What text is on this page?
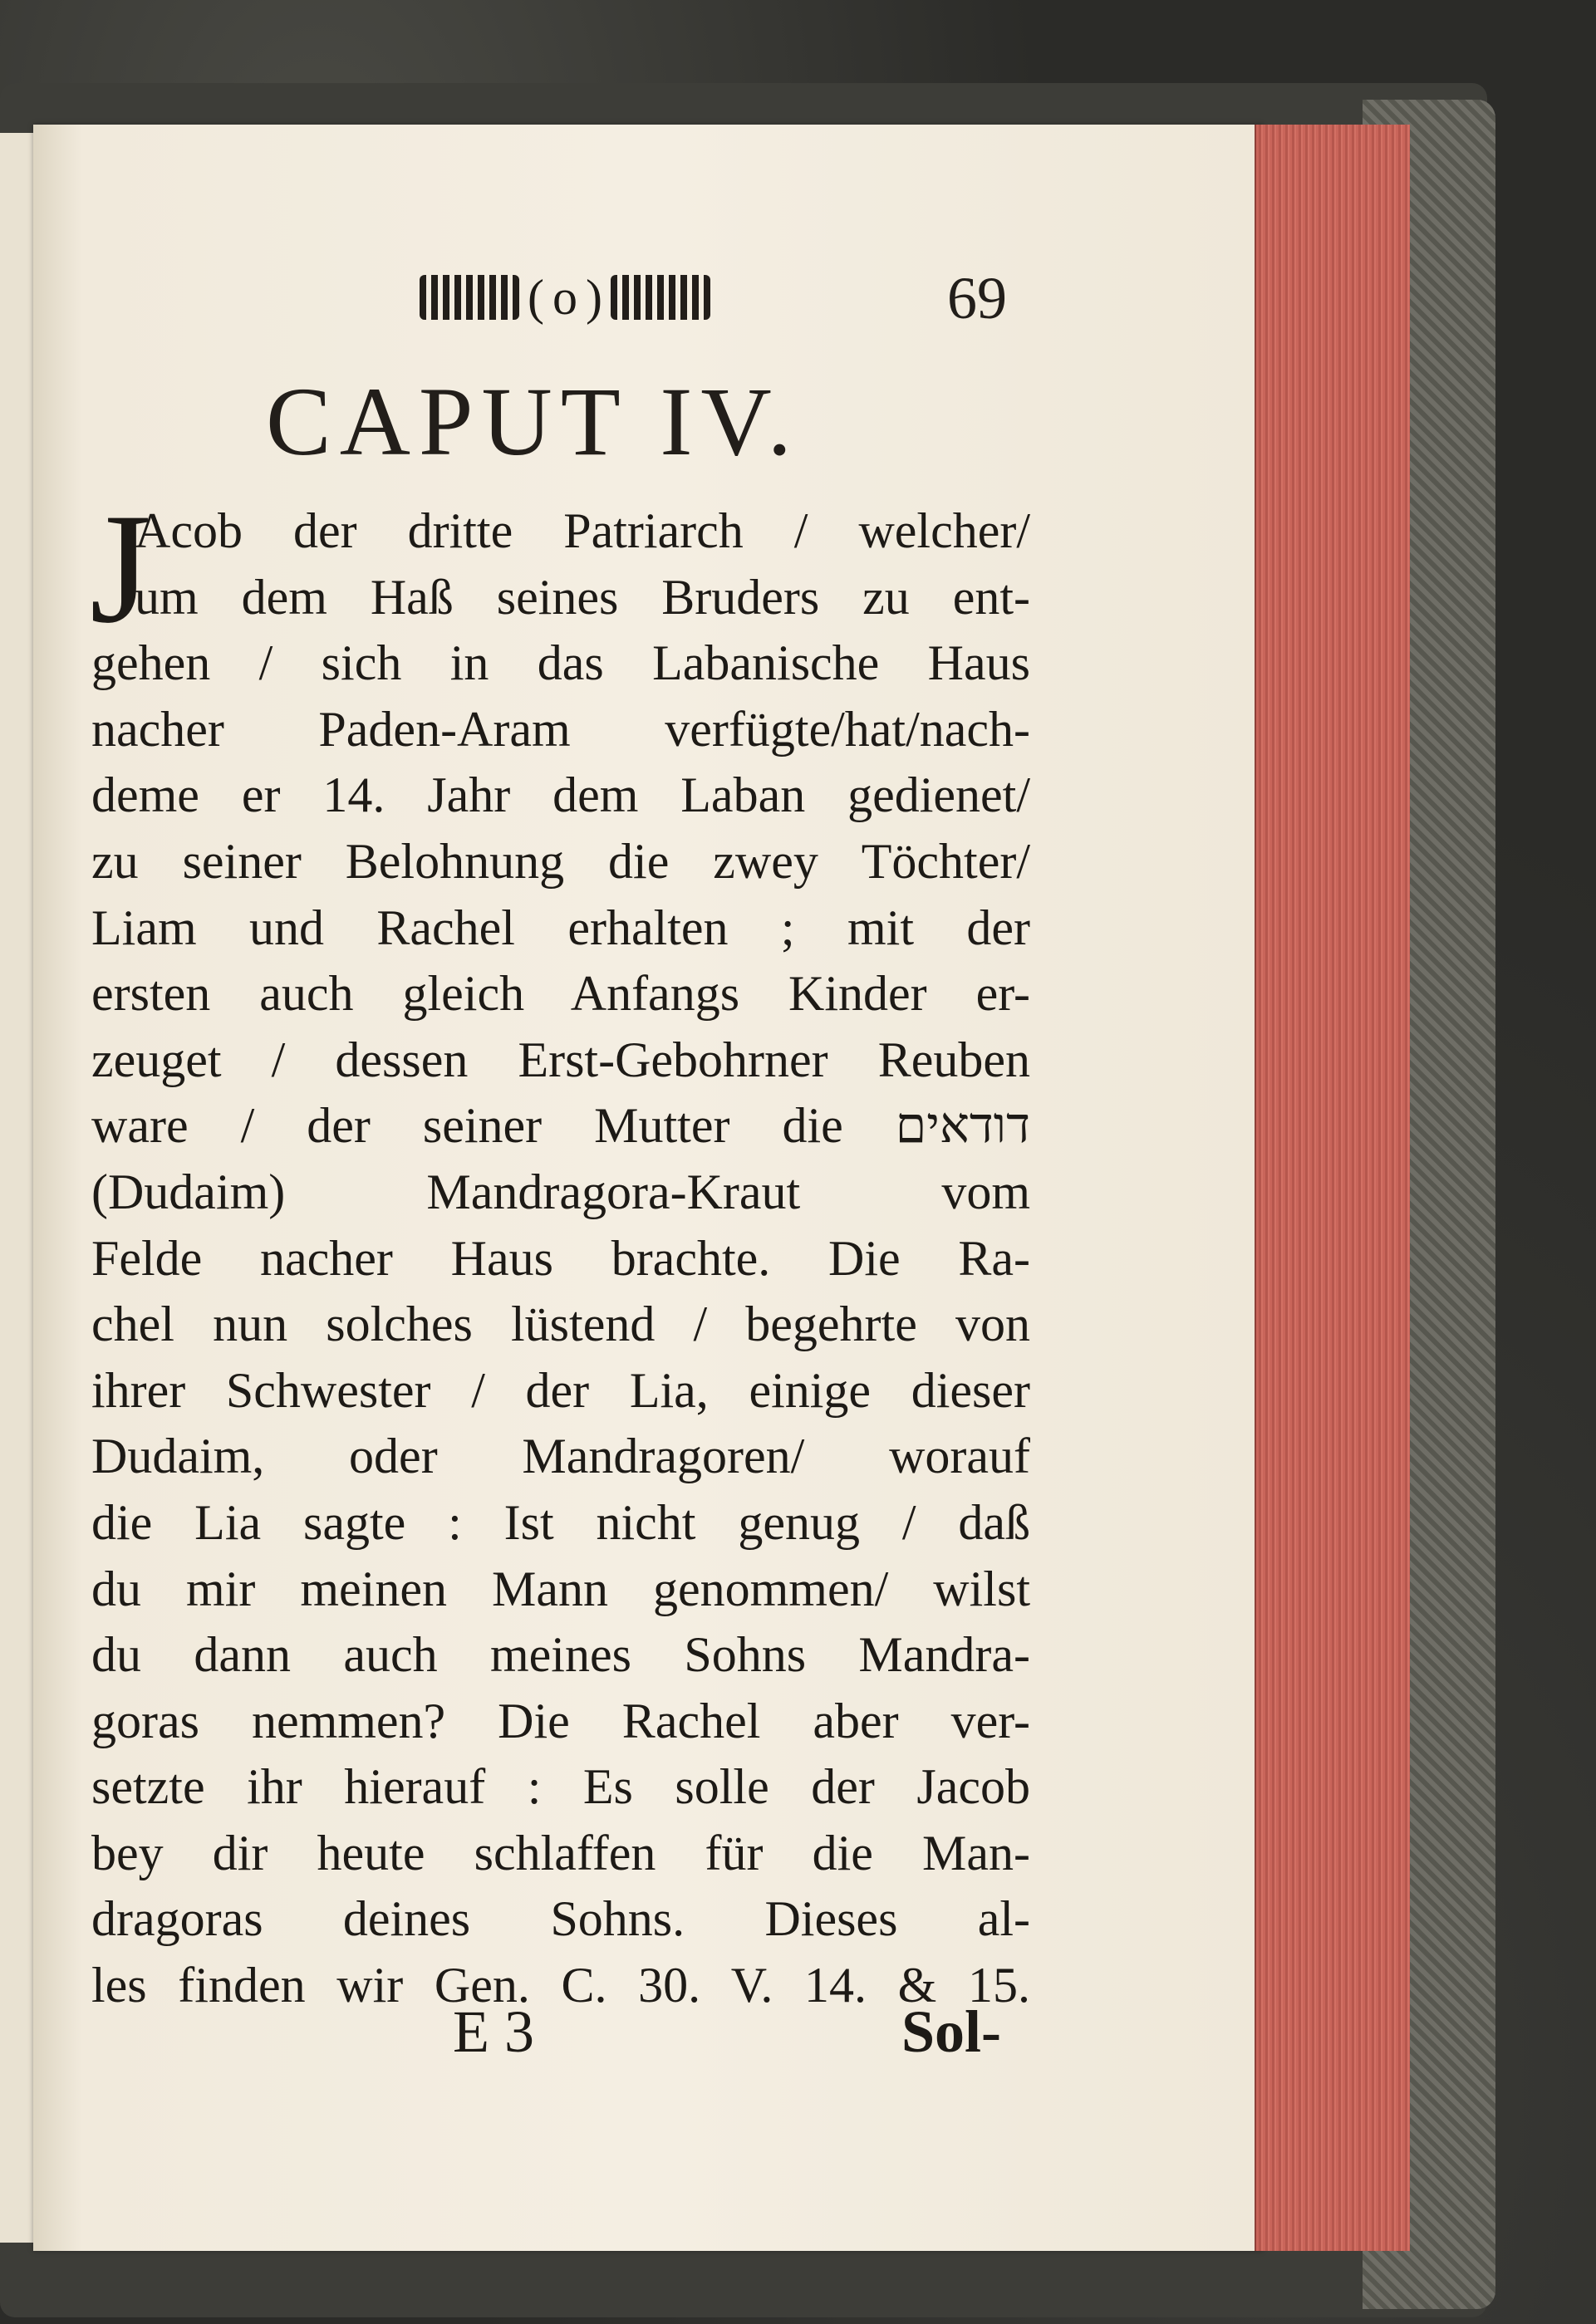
( o )	69
CAPUT IV.
J
Acob der dritte Patriarch / welcher/
um dem Haß seines Bruders zu ent-
gehen / sich in das Labanische Haus
nacher Paden-Aram verfügte/hat/nach-
deme er 14. Jahr dem Laban gedienet/
zu seiner Belohnung die zwey Töchter/
Liam und Rachel erhalten ; mit der
ersten auch gleich Anfangs Kinder er-
zeuget / dessen Erst-Gebohrner Reuben
ware / der seiner Mutter die דודאים
(Dudaim) Mandragora-Kraut vom
Felde nacher Haus brachte. Die Ra-
chel nun solches lüstend / begehrte von
ihrer Schwester / der Lia, einige dieser
Dudaim, oder Mandragoren/ worauf
die Lia sagte : Ist nicht genug / daß
du mir meinen Mann genommen/ wilst
du dann auch meines Sohns Mandra-
goras nemmen? Die Rachel aber ver-
setzte ihr hierauf : Es solle der Jacob
bey dir heute schlaffen für die Man-
dragoras deines Sohns. Dieses al-
les finden wir Gen. C. 30. V. 14. & 15.
E 3	Sol-
